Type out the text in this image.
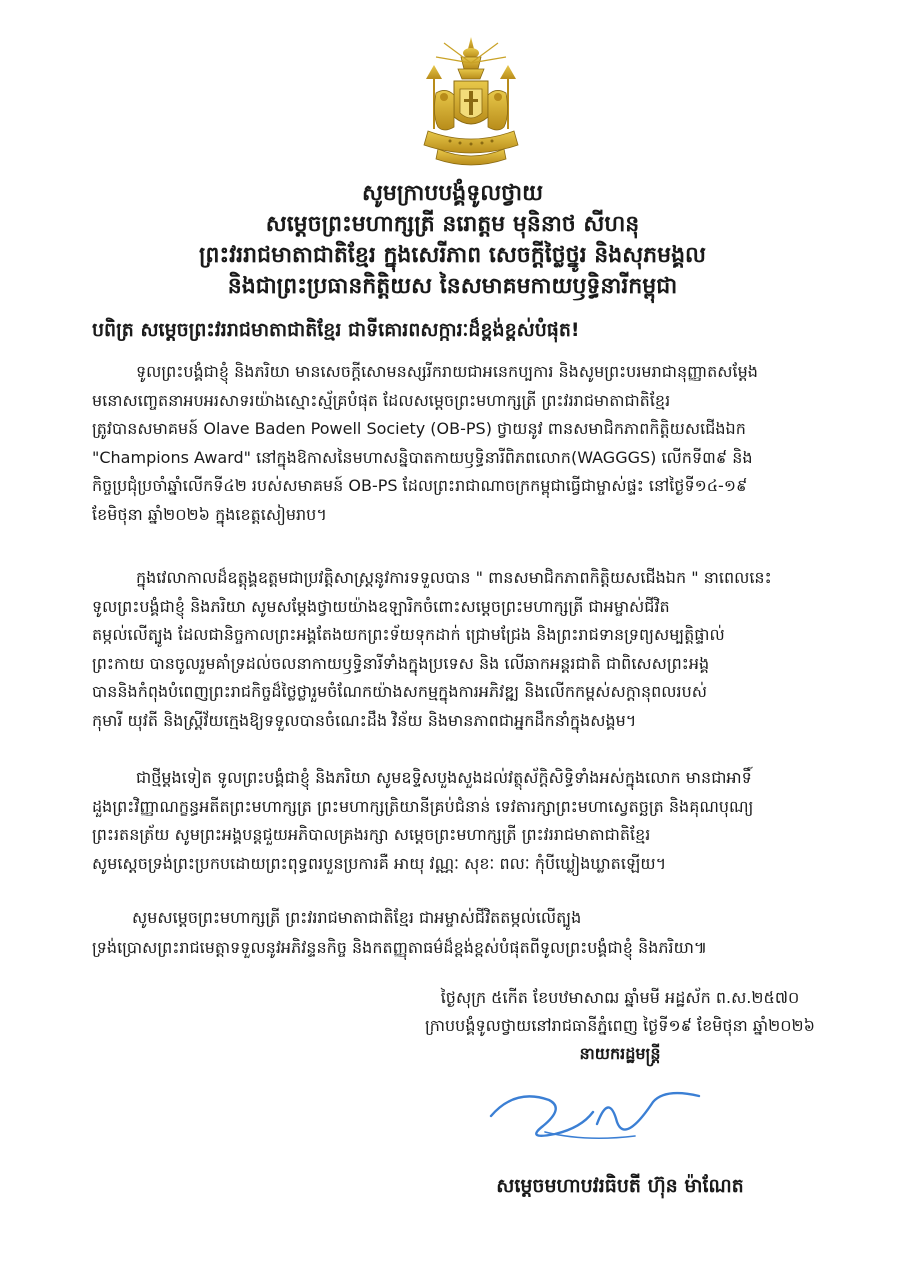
សូមក្រាបបង្គំទូលថ្វាយ

សម្តេចព្រះមហាក្សត្រី នរោត្តម មុនិនាថ សីហនុ

ព្រះវររាជមាតាជាតិខ្មែរ ក្នុងសេរីភាព សេចក្តីថ្លៃថ្នូរ និងសុភមង្គល

និងជាព្រះប្រធានកិត្តិយស នៃសមាគមកាយឫទ្ធិនារីកម្ពុជា

បពិត្រ សម្តេចព្រះវររាជមាតាជាតិខ្មែរ ជាទីគោរពសក្ការៈដ៏ខ្ពង់ខ្ពស់បំផុត!
ទូលព្រះបង្គំជាខ្ញុំ និងភរិយា មានសេចក្តីសោមនស្សរីករាយជាអនេកប្បការ និងសូមព្រះបរមរាជានុញ្ញាតសម្តែង
មនោសញ្ចេតនាអបអរសាទរយ៉ាងស្មោះស្ម័គ្របំផុត ដែលសម្តេចព្រះមហាក្សត្រី ព្រះវររាជមាតាជាតិខ្មែរ
ត្រូវបានសមាគមន៍ Olave Baden Powell Society (OB-PS) ថ្វាយនូវ ពានសមាជិកភាពកិត្តិយសជើងឯក
"Champions Award" នៅក្នុងឱកាសនៃមហាសន្និបាតកាយឫទ្ធិនារីពិភពលោក(WAGGGS) លើកទី៣៩ និង
កិច្ចប្រជុំប្រចាំឆ្នាំលើកទី៤២ របស់សមាគមន៍ OB-PS ដែលព្រះរាជាណាចក្រកម្ពុជាធ្វើជាម្ចាស់ផ្ទះ នៅថ្ងៃទី១៤-១៩
ខែមិថុនា ឆ្នាំ២០២៦ ក្នុងខេត្តសៀមរាប។
ក្នុងវេលាកាលដ៏ឧត្តុង្គឧត្តមជាប្រវត្តិសាស្ត្រនូវការទទួលបាន " ពានសមាជិកភាពកិត្តិយសជើងឯក " នាពេលនេះ
ទូលព្រះបង្គំជាខ្ញុំ និងភរិយា សូមសម្តែងថ្វាយយ៉ាងឧឡារិកចំពោះសម្តេចព្រះមហាក្សត្រី ជាអម្ចាស់ជីវិត
តម្កល់លើត្បូង ដែលជានិច្ចកាលព្រះអង្គតែងយកព្រះទ័យទុកដាក់ ជ្រោមជ្រែង និងព្រះរាជទានទ្រព្យសម្បត្តិផ្ទាល់
ព្រះកាយ បានចូលរួមគាំទ្រដល់ចលនាកាយឫទ្ធិនារីទាំងក្នុងប្រទេស និង លើឆាកអន្តរជាតិ ជាពិសេសព្រះអង្គ
បាននិងកំពុងបំពេញព្រះរាជកិច្ចដ៏ថ្លៃថ្លារួមចំណែកយ៉ាងសកម្មក្នុងការអភិវឌ្ឍ និងលើកកម្ពស់សក្តានុពលរបស់
កុមារី យុវតី និងស្ត្រីវ័យក្មេងឱ្យទទួលបានចំណេះដឹង វិន័យ និងមានភាពជាអ្នកដឹកនាំក្នុងសង្គម។
ជាថ្មីម្តងទៀត ទូលព្រះបង្គំជាខ្ញុំ និងភរិយា សូមឧទ្ទិសបួងសួងដល់វត្ថុស័ក្តិសិទ្ធិទាំងអស់ក្នុងលោក មានជាអាទិ៍
ដួងព្រះវិញ្ញាណក្ខន្ធអតីតព្រះមហាក្សត្រ ព្រះមហាក្សត្រិយានីគ្រប់ជំនាន់ ទេវតារក្សាព្រះមហាស្វេតច្ឆត្រ និងគុណបុណ្យ
ព្រះរតនត្រ័យ សូមព្រះអង្គបន្តជួយអភិបាលគ្រងរក្សា សម្តេចព្រះមហាក្សត្រី ព្រះវររាជមាតាជាតិខ្មែរ
សូមស្តេចទ្រង់ព្រះប្រកបដោយព្រះពុទ្ធពរបួនប្រការគឺ អាយុ វណ្ណៈ សុខៈ ពលៈ កុំបីឃ្លៀងឃ្លាតឡើយ។
សូមសម្តេចព្រះមហាក្សត្រី ព្រះវររាជមាតាជាតិខ្មែរ ជាអម្ចាស់ជីវិតតម្កល់លើត្បូង
ទ្រង់ប្រោសព្រះរាជមេត្តាទទួលនូវអភិវន្ទនកិច្ច និងកតញ្ញុតាធម៌ដ៏ខ្ពង់ខ្ពស់បំផុតពីទូលព្រះបង្គំជាខ្ញុំ និងភរិយា៕
ថ្ងៃសុក្រ ៥កើត ខែបឋមាសាឍ ឆ្នាំមមី អដ្ឋស័ក ព.ស.២៥៧០
ក្រាបបង្គំទូលថ្វាយនៅរាជធានីភ្នំពេញ ថ្ងៃទី១៩ ខែមិថុនា ឆ្នាំ២០២៦
នាយករដ្ឋមន្ត្រី
សម្តេចមហាបវរធិបតី ហ៊ុន ម៉ាណែត
